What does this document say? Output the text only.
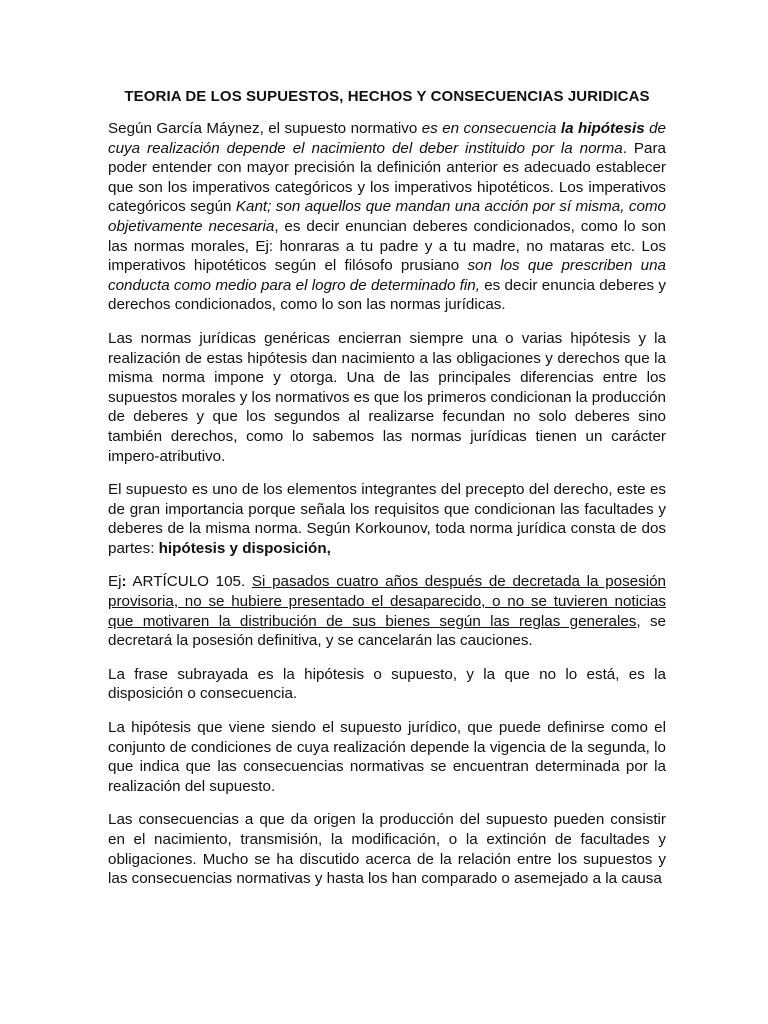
TEORIA DE LOS SUPUESTOS, HECHOS Y CONSECUENCIAS JURIDICAS

Según García Máynez, el supuesto normativo es en consecuencia la hipótesis de cuya realización depende el nacimiento del deber instituido por la norma. Para poder entender con mayor precisión la definición anterior es adecuado establecer que son los imperativos categóricos y los imperativos hipotéticos. Los imperativos categóricos según Kant; son aquellos que mandan una acción por sí misma, como objetivamente necesaria, es decir enuncian deberes condicionados, como lo son las normas morales, Ej: honraras a tu padre y a tu madre, no mataras etc. Los imperativos hipotéticos según el filósofo prusiano son los que prescriben una conducta como medio para el logro de determinado fin, es decir enuncia deberes y derechos condicionados, como lo son las normas jurídicas.

Las normas jurídicas genéricas encierran siempre una o varias hipótesis y la realización de estas hipótesis dan nacimiento a las obligaciones y derechos que la misma norma impone y otorga. Una de las principales diferencias entre los supuestos morales y los normativos es que los primeros condicionan la producción de deberes y que los segundos al realizarse fecundan no solo deberes sino también derechos, como lo sabemos las normas jurídicas tienen un carácter impero-atributivo.

El supuesto es uno de los elementos integrantes del precepto del derecho, este es de gran importancia porque señala los requisitos que condicionan las facultades y deberes de la misma norma. Según Korkounov, toda norma jurídica consta de dos partes: hipótesis y disposición,

Ej: ARTÍCULO 105. Si pasados cuatro años después de decretada la posesión provisoria, no se hubiere presentado el desaparecido, o no se tuvieren noticias que motivaren la distribución de sus bienes según las reglas generales, se decretará la posesión definitiva, y se cancelarán las cauciones.

La frase subrayada es la hipótesis o supuesto, y la que no lo está, es la disposición o consecuencia.

La hipótesis que viene siendo el supuesto jurídico, que puede definirse como el conjunto de condiciones de cuya realización depende la vigencia de la segunda, lo que indica que las consecuencias normativas se encuentran determinada por la realización del supuesto.

Las consecuencias a que da origen la producción del supuesto pueden consistir en el nacimiento, transmisión, la modificación, o la extinción de facultades y obligaciones. Mucho se ha discutido acerca de la relación entre los supuestos y las consecuencias normativas y hasta los han comparado o asemejado a la causa
